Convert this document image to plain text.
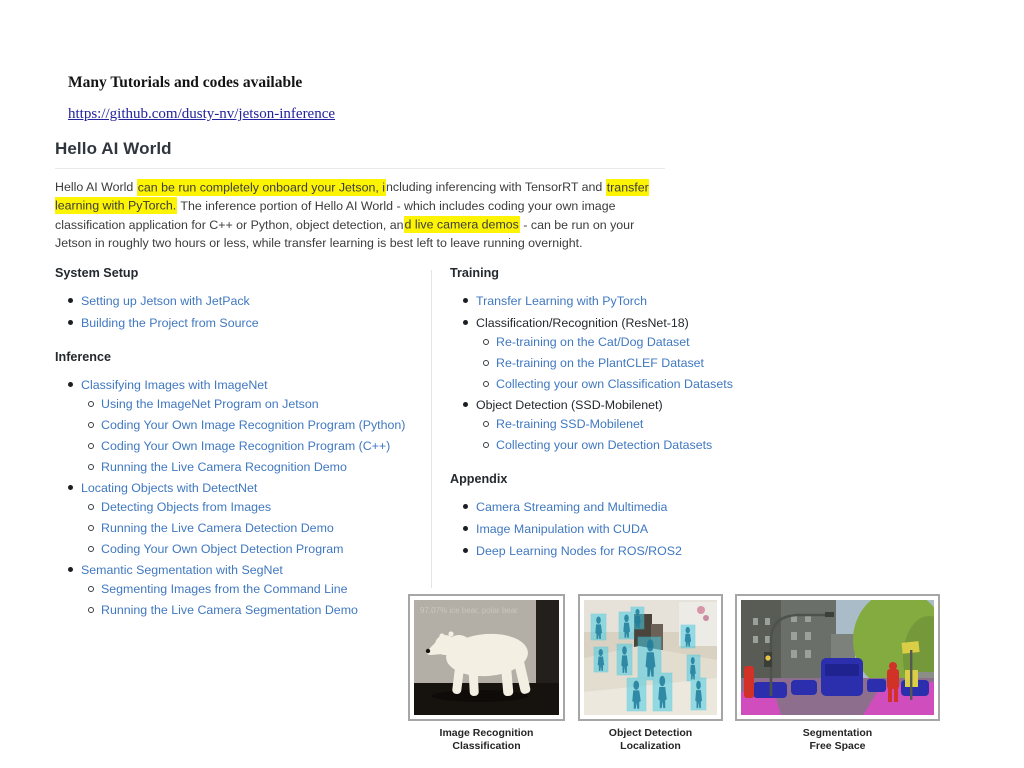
Many Tutorials and codes available
https://github.com/dusty-nv/jetson-inference
Hello AI World

Hello AI World can be run completely onboard your Jetson, including inferencing with TensorRT and transfer learning with PyTorch. The inference portion of Hello AI World - which includes coding your own image classification application for C++ or Python, object detection, and live camera demos - can be run on your Jetson in roughly two hours or less, while transfer learning is best left to leave running overnight.

System Setup
Setting up Jetson with JetPack
Building the Project from Source
Inference
Classifying Images with ImageNet
Using the ImageNet Program on Jetson
Coding Your Own Image Recognition Program (Python)
Coding Your Own Image Recognition Program (C++)
Running the Live Camera Recognition Demo
Locating Objects with DetectNet
Detecting Objects from Images
Running the Live Camera Detection Demo
Coding Your Own Object Detection Program
Semantic Segmentation with SegNet
Segmenting Images from the Command Line
Running the Live Camera Segmentation Demo
Training
Transfer Learning with PyTorch
Classification/Recognition (ResNet-18)
Re-training on the Cat/Dog Dataset
Re-training on the PlantCLEF Dataset
Collecting your own Classification Datasets
Object Detection (SSD-Mobilenet)
Re-training SSD-Mobilenet
Collecting your own Detection Datasets
Appendix
Camera Streaming and Multimedia
Image Manipulation with CUDA
Deep Learning Nodes for ROS/ROS2
97.07% ice bear, polar bear
Image Recognition
Classification
Object Detection
Localization
Segmentation
Free Space
